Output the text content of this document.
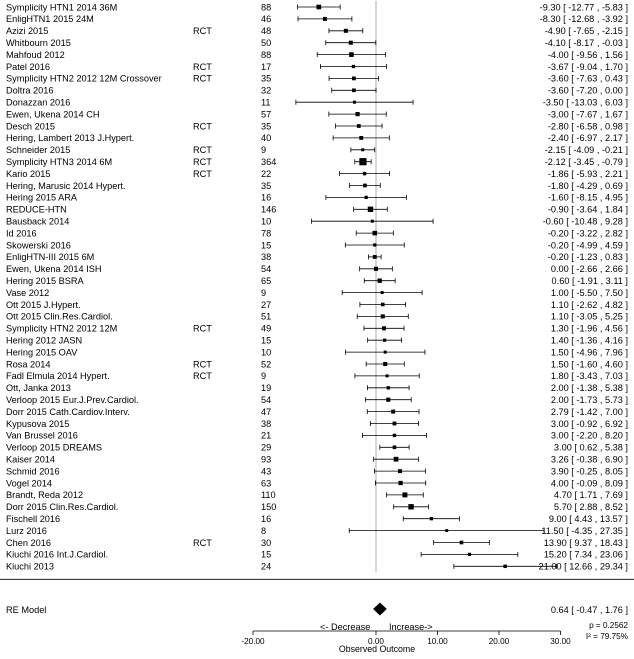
Symplicity HTN1 2014 36M	88	-9.30 [ -12.77 , -5.83 ]
EnligHTN1 2015 24M	46	-8.30 [ -12.68 , -3.92 ]
Azizi 2015	RCT	48	-4.90 [ -7.65 , -2.15 ]
Whitbourn 2015	50	-4.10 [ -8.17 , -0.03 ]
Mahfoud 2012	88	-4.00 [ -9.56 , 1.56 ]
Patel 2016	RCT	17	-3.67 [ -9.04 , 1.70 ]
Symplicity HTN2 2012 12M Crossover	RCT	35	-3.60 [ -7.63 , 0.43 ]
Doltra 2016	32	-3.60 [ -7.20 , 0.00 ]
Donazzan 2016	11	-3.50 [ -13.03 , 6.03 ]
Ewen, Ukena 2014 CH	57	-3.00 [ -7.67 , 1.67 ]
Desch 2015	RCT	35	-2.80 [ -6.58 , 0.98 ]
Hering, Lambert 2013 J.Hypert.	40	-2.40 [ -6.97 , 2.17 ]
Schneider 2015	RCT	9	-2.15 [ -4.09 , -0.21 ]
Symplicity HTN3 2014 6M	RCT	364	-2.12 [ -3.45 , -0.79 ]
Kario 2015	RCT	22	-1.86 [ -5.93 , 2.21 ]
Hering, Marusic 2014 Hypert.	35	-1.80 [ -4.29 , 0.69 ]
Hering 2015 ARA	16	-1.60 [ -8.15 , 4.95 ]
REDUCE-HTN	146	-0.90 [ -3.64 , 1.84 ]
Bausback 2014	10	-0.60 [ -10.48 , 9.28 ]
Id 2016	78	-0.20 [ -3.22 , 2.82 ]
Skowerski 2016	15	-0.20 [ -4.99 , 4.59 ]
EnligHTN-III 2015 6M	38	-0.20 [ -1.23 , 0.83 ]
Ewen, Ukena 2014 ISH	54	0.00 [ -2.66 , 2.66 ]
Hering 2015 BSRA	65	0.60 [ -1.91 , 3.11 ]
Vase 2012	9	1.00 [ -5.50 , 7.50 ]
Ott 2015 J.Hypert.	27	1.10 [ -2.62 , 4.82 ]
Ott 2015 Clin.Res.Cardiol.	51	1.10 [ -3.05 , 5.25 ]
Symplicity HTN2 2012 12M	RCT	49	1.30 [ -1.96 , 4.56 ]
Hering 2012 JASN	15	1.40 [ -1.36 , 4.16 ]
Hering 2015 OAV	10	1.50 [ -4.96 , 7.96 ]
Rosa 2014	RCT	52	1.50 [ -1.60 , 4.60 ]
Fadl Elmula 2014 Hypert.	RCT	9	1.80 [ -3.43 , 7.03 ]
Ott, Janka 2013	19	2.00 [ -1.38 , 5.38 ]
Verloop 2015 Eur.J.Prev.Cardiol.	54	2.00 [ -1.73 , 5.73 ]
Dorr 2015 Cath.Cardiov.Interv.	47	2.79 [ -1.42 , 7.00 ]
Kypusova 2015	38	3.00 [ -0.92 , 6.92 ]
Van Brussel 2016	21	3.00 [ -2.20 , 8.20 ]
Verloop 2015 DREAMS	29	3.00 [ 0.62 , 5.38 ]
Kaiser 2014	93	3.26 [ -0.38 , 6.90 ]
Schmid 2016	43	3.90 [ -0.25 , 8.05 ]
Vogel 2014	63	4.00 [ -0.09 , 8.09 ]
Brandt, Reda 2012	110	4.70 [ 1.71 , 7.69 ]
Dorr 2015 Clin.Res.Cardiol.	150	5.70 [ 2.88 , 8.52 ]
Fischell 2016	16	9.00 [ 4.43 , 13.57 ]
Lurz 2016	8	11.50 [ -4.35 , 27.35 ]
Chen 2016	RCT	30	13.90 [ 9.37 , 18.43 ]
Kiuchi 2016 Int.J.Cardiol.	15	15.20 [ 7.34 , 23.06 ]
Kiuchi 2013	24	21.00 [ 12.66 , 29.34 ]
RE Model	0.64 [ -0.47 , 1.76 ]
p = 0.2562
I² = 79.75%
<- Decrease Increase->
-20.00	0.00	10.00	20.00	30.00
Observed Outcome
